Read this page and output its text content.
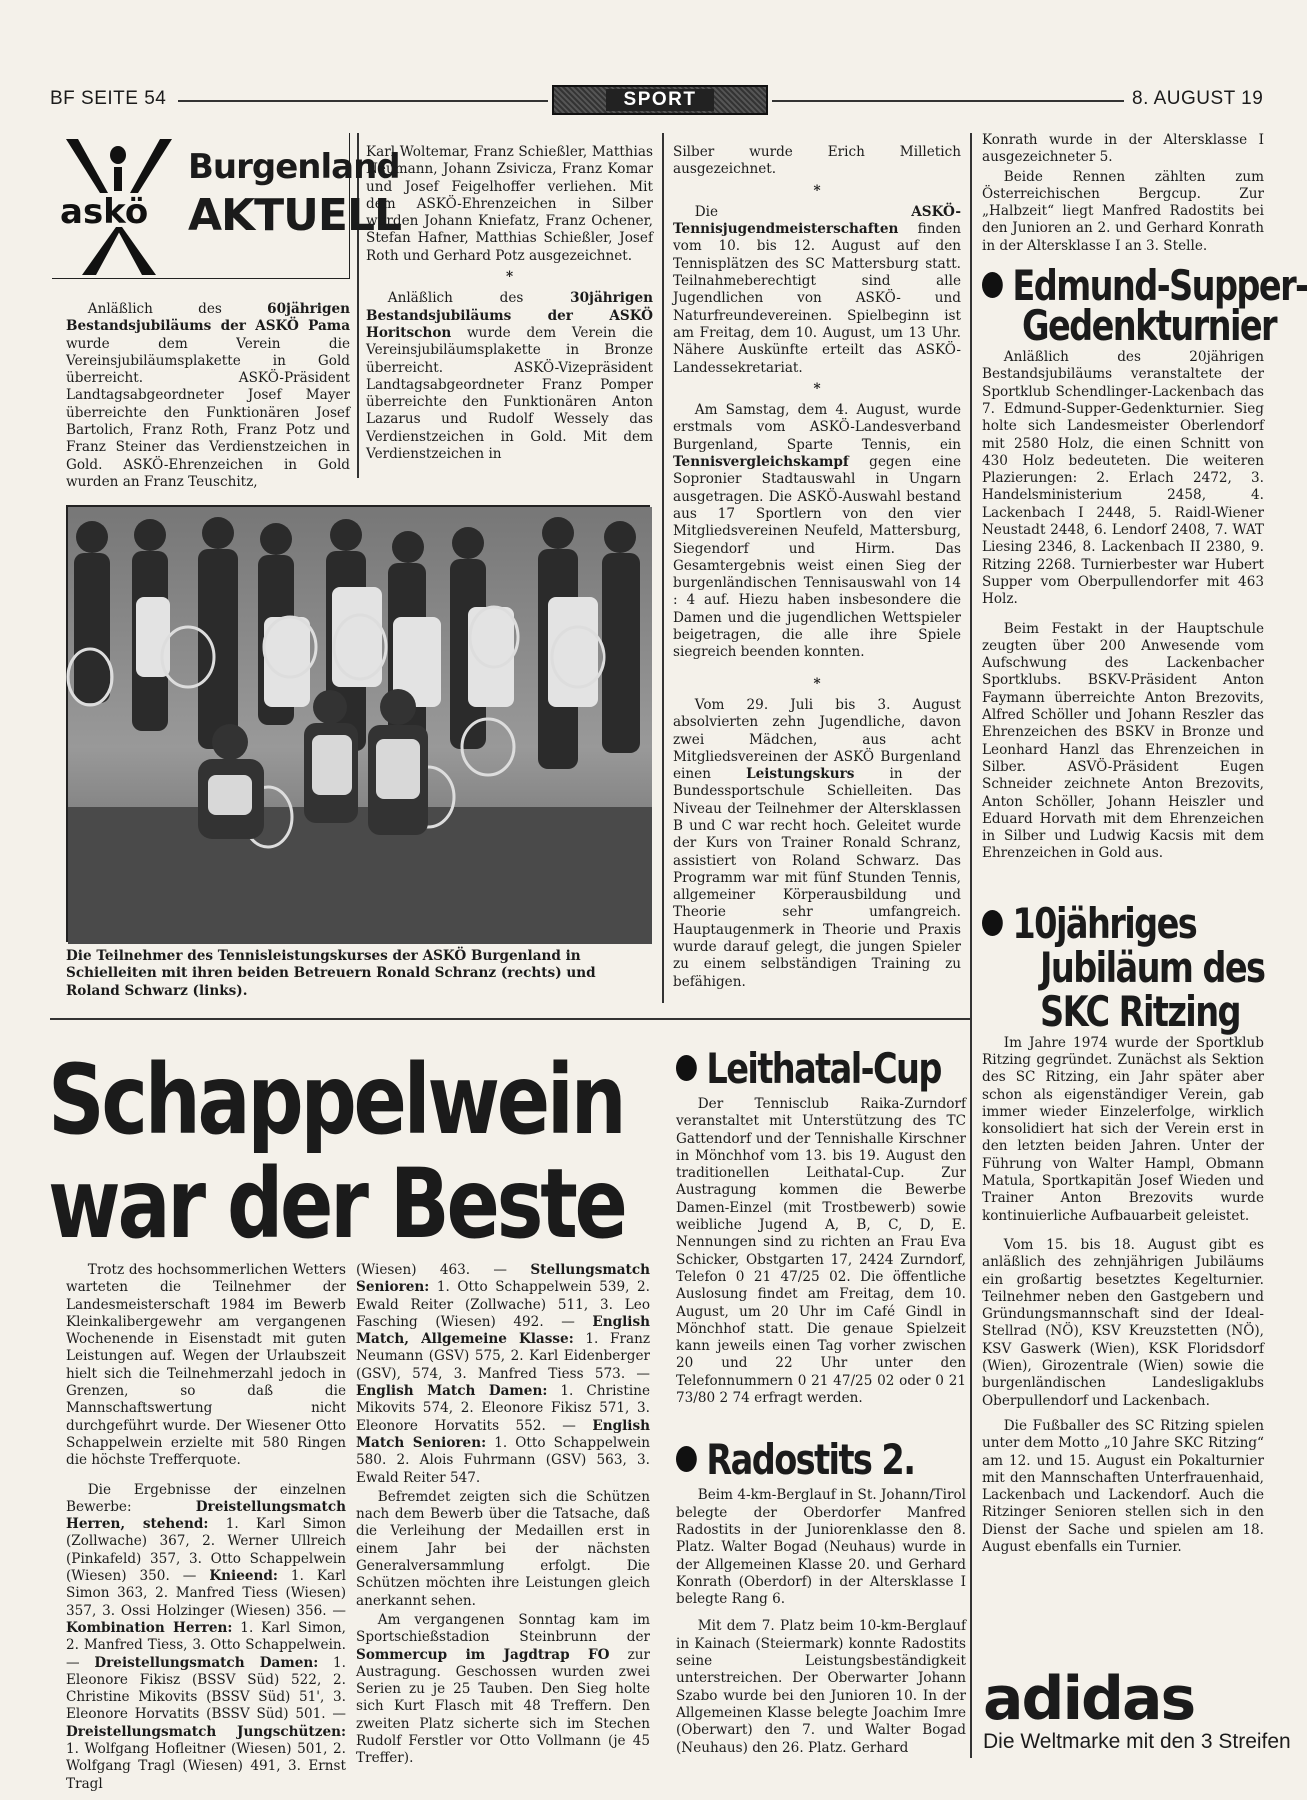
BF SEITE 54	SPORT	8. AUGUST 19
askö
Burgenland
AKTUELL

Anläßlich des 60jährigen Bestandsjubiläums der ASKÖ Pama wurde dem Verein die Vereinsjubiläumsplakette in Gold überreicht. ASKÖ-Präsident Landtagsabgeordneter Josef Mayer überreichte den Funktionären Josef Bartolich, Franz Roth, Franz Potz und Franz Steiner das Verdienstzeichen in Gold. ASKÖ-Ehrenzeichen in Gold wurden an Franz Teuschitz,

Karl Woltemar, Franz Schießler, Matthias Neumann, Johann Zsivicza, Franz Komar und Josef Feigelhoffer verliehen. Mit dem ASKÖ-Ehrenzeichen in Silber wurden Johann Kniefatz, Franz Ochener, Stefan Hafner, Matthias Schießler, Josef Roth und Gerhard Potz ausgezeichnet.

*

Anläßlich des 30jährigen Bestandsjubiläums der ASKÖ Horitschon wurde dem Verein die Vereinsjubiläumsplakette in Bronze überreicht. ASKÖ-Vizepräsident Landtagsabgeordneter Franz Pomper überreichte den Funktionären Anton Lazarus und Rudolf Wessely das Verdienstzeichen in Gold. Mit dem Verdienstzeichen in

Silber wurde Erich Milletich ausgezeichnet.

*

Die ASKÖ-Tennisjugendmeisterschaften finden vom 10. bis 12. August auf den Tennisplätzen des SC Mattersburg statt. Teilnahmeberechtigt sind alle Jugendlichen von ASKÖ- und Naturfreundevereinen. Spielbeginn ist am Freitag, dem 10. August, um 13 Uhr. Nähere Auskünfte erteilt das ASKÖ-Landessekretariat.

*

Am Samstag, dem 4. August, wurde erstmals vom ASKÖ-Landesverband Burgenland, Sparte Tennis, ein Tennisvergleichskampf gegen eine Sopronier Stadtauswahl in Ungarn ausgetragen. Die ASKÖ-Auswahl bestand aus 17 Sportlern von den vier Mitgliedsvereinen Neufeld, Mattersburg, Siegendorf und Hirm. Das Gesamtergebnis weist einen Sieg der burgenländischen Tennisauswahl von 14 : 4 auf. Hiezu haben insbesondere die Damen und die jugendlichen Wettspieler beigetragen, die alle ihre Spiele siegreich beenden konnten.

*

Vom 29. Juli bis 3. August absolvierten zehn Jugendliche, davon zwei Mädchen, aus acht Mitgliedsvereinen der ASKÖ Burgenland einen Leistungskurs in der Bundessportschule Schielleiten. Das Niveau der Teilnehmer der Altersklassen B und C war recht hoch. Geleitet wurde der Kurs von Trainer Ronald Schranz, assistiert von Roland Schwarz. Das Programm war mit fünf Stunden Tennis, allgemeiner Körperausbildung und Theorie sehr umfangreich. Hauptaugenmerk in Theorie und Praxis wurde darauf gelegt, die jungen Spieler zu einem selbständigen Training zu befähigen.

Die Teilnehmer des Tennisleistungskurses der ASKÖ Burgenland in Schielleiten mit ihren beiden Betreuern Ronald Schranz (rechts) und Roland Schwarz (links).

Konrath wurde in der Altersklasse I ausgezeichneter 5.

Beide Rennen zählten zum Österreichischen Bergcup. Zur „Halbzeit“ liegt Manfred Radostits bei den Junioren an 2. und Gerhard Konrath in der Altersklasse I an 3. Stelle.

Edmund-Supper-
Gedenkturnier

Anläßlich des 20jährigen Bestandsjubiläums veranstaltete der Sportklub Schendlinger-Lackenbach das 7. Edmund-Supper-Gedenkturnier. Sieg holte sich Landesmeister Oberlendorf mit 2580 Holz, die einen Schnitt von 430 Holz bedeuteten. Die weiteren Plazierungen: 2. Erlach 2472, 3. Handelsministerium 2458, 4. Lackenbach I 2448, 5. Raidl-Wiener Neustadt 2448, 6. Lendorf 2408, 7. WAT Liesing 2346, 8. Lackenbach II 2380, 9. Ritzing 2268. Turnierbester war Hubert Supper vom Oberpullendorfer mit 463 Holz.

Beim Festakt in der Hauptschule zeugten über 200 Anwesende vom Aufschwung des Lackenbacher Sportklubs. BSKV-Präsident Anton Faymann überreichte Anton Brezovits, Alfred Schöller und Johann Reszler das Ehrenzeichen des BSKV in Bronze und Leonhard Hanzl das Ehrenzeichen in Silber. ASVÖ-Präsident Eugen Schneider zeichnete Anton Brezovits, Anton Schöller, Johann Heiszler und Eduard Horvath mit dem Ehrenzeichen in Silber und Ludwig Kacsis mit dem Ehrenzeichen in Gold aus.

10jähriges
Jubiläum des
SKC Ritzing

Im Jahre 1974 wurde der Sportklub Ritzing gegründet. Zunächst als Sektion des SC Ritzing, ein Jahr später aber schon als eigenständiger Verein, gab immer wieder Einzelerfolge, wirklich konsolidiert hat sich der Verein erst in den letzten beiden Jahren. Unter der Führung von Walter Hampl, Obmann Matula, Sportkapitän Josef Wieden und Trainer Anton Brezovits wurde kontinuierliche Aufbauarbeit geleistet.

Vom 15. bis 18. August gibt es anläßlich des zehnjährigen Jubiläums ein großartig besetztes Kegelturnier. Teilnehmer neben den Gastgebern und Gründungsmannschaft sind der Ideal-Stellrad (NÖ), KSV Kreuzstetten (NÖ), KSV Gaswerk (Wien), KSK Floridsdorf (Wien), Girozentrale (Wien) sowie die burgenländischen Landesligaklubs Oberpullendorf und Lackenbach.

Die Fußballer des SC Ritzing spielen unter dem Motto „10 Jahre SKC Ritzing“ am 12. und 15. August ein Pokalturnier mit den Mannschaften Unterfrauenhaid, Lackenbach und Lackendorf. Auch die Ritzinger Senioren stellen sich in den Dienst der Sache und spielen am 18. August ebenfalls ein Turnier.

Schappelwein
war der Beste

Trotz des hochsommerlichen Wetters warteten die Teilnehmer der Landesmeisterschaft 1984 im Bewerb Kleinkalibergewehr am vergangenen Wochenende in Eisenstadt mit guten Leistungen auf. Wegen der Urlaubszeit hielt sich die Teilnehmerzahl jedoch in Grenzen, so daß die Mannschaftswertung nicht durchgeführt wurde. Der Wiesener Otto Schappelwein erzielte mit 580 Ringen die höchste Trefferquote.

Die Ergebnisse der einzelnen Bewerbe: Dreistellungsmatch Herren, stehend: 1. Karl Simon (Zollwache) 367, 2. Werner Ullreich (Pinkafeld) 357, 3. Otto Schappelwein (Wiesen) 350. — Knieend: 1. Karl Simon 363, 2. Manfred Tiess (Wiesen) 357, 3. Ossi Holzinger (Wiesen) 356. — Kombination Herren: 1. Karl Simon, 2. Manfred Tiess, 3. Otto Schappelwein. — Dreistellungsmatch Damen: 1. Eleonore Fikisz (BSSV Süd) 522, 2. Christine Mikovits (BSSV Süd) 51', 3. Eleonore Horvatits (BSSV Süd) 501. — Dreistellungsmatch Jungschützen: 1. Wolfgang Hofleitner (Wiesen) 501, 2. Wolfgang Tragl (Wiesen) 491, 3. Ernst Tragl

(Wiesen) 463. — Stellungsmatch Senioren: 1. Otto Schappelwein 539, 2. Ewald Reiter (Zollwache) 511, 3. Leo Fasching (Wiesen) 492. — English Match, Allgemeine Klasse: 1. Franz Neumann (GSV) 575, 2. Karl Eidenberger (GSV), 574, 3. Manfred Tiess 573. — English Match Damen: 1. Christine Mikovits 574, 2. Eleonore Fikisz 571, 3. Eleonore Horvatits 552. — English Match Senioren: 1. Otto Schappelwein 580. 2. Alois Fuhrmann (GSV) 563, 3. Ewald Reiter 547.

Befremdet zeigten sich die Schützen nach dem Bewerb über die Tatsache, daß die Verleihung der Medaillen erst in einem Jahr bei der nächsten Generalversammlung erfolgt. Die Schützen möchten ihre Leistungen gleich anerkannt sehen.

Am vergangenen Sonntag kam im Sportschießstadion Steinbrunn der Sommercup im Jagdtrap FO zur Austragung. Geschossen wurden zwei Serien zu je 25 Tauben. Den Sieg holte sich Kurt Flasch mit 48 Treffern. Den zweiten Platz sicherte sich im Stechen Rudolf Ferstler vor Otto Vollmann (je 45 Treffer).

Leithatal-Cup

Der Tennisclub Raika-Zurndorf veranstaltet mit Unterstützung des TC Gattendorf und der Tennishalle Kirschner in Mönchhof vom 13. bis 19. August den traditionellen Leithatal-Cup. Zur Austragung kommen die Bewerbe Damen-Einzel (mit Trostbewerb) sowie weibliche Jugend A, B, C, D, E. Nennungen sind zu richten an Frau Eva Schicker, Obstgarten 17, 2424 Zurndorf, Telefon 0 21 47/25 02. Die öffentliche Auslosung findet am Freitag, dem 10. August, um 20 Uhr im Café Gindl in Mönchhof statt. Die genaue Spielzeit kann jeweils einen Tag vorher zwischen 20 und 22 Uhr unter den Telefonnummern 0 21 47/25 02 oder 0 21 73/80 2 74 erfragt werden.

Radostits 2.

Beim 4-km-Berglauf in St. Johann/Tirol belegte der Oberdorfer Manfred Radostits in der Juniorenklasse den 8. Platz. Walter Bogad (Neuhaus) wurde in der Allgemeinen Klasse 20. und Gerhard Konrath (Oberdorf) in der Altersklasse I belegte Rang 6.

Mit dem 7. Platz beim 10-km-Berglauf in Kainach (Steiermark) konnte Radostits seine Leistungsbeständigkeit unterstreichen. Der Oberwarter Johann Szabo wurde bei den Junioren 10. In der Allgemeinen Klasse belegte Joachim Imre (Oberwart) den 7. und Walter Bogad (Neuhaus) den 26. Platz. Gerhard

adidas
Die Weltmarke mit den 3 Streifen
